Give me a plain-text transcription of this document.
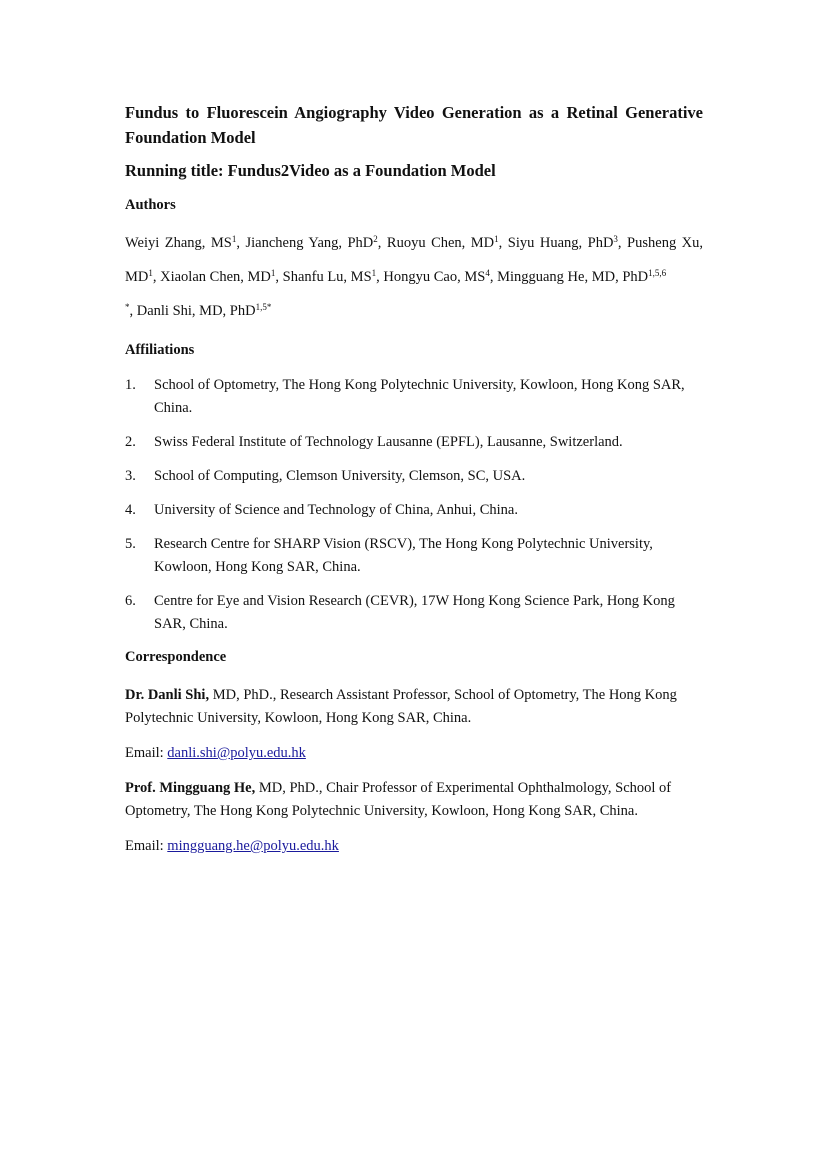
Fundus to Fluorescein Angiography Video Generation as a Retinal Generative Foundation Model

Running title: Fundus2Video as a Foundation Model

Authors

Weiyi Zhang, $MS^1$, Jiancheng Yang, PhD$^2$, Ruoyu Chen, $MD^1$, Siyu Huang, PhD$^3$, Pusheng Xu, $MD^1$, Xiaolan Chen, $MD^1$, Shanfu Lu, $MS^1$, Hongyu Cao, $MS^4$, Mingguang He, MD, PhD$^{1,5,6}$
*, Danli Shi, MD, PhD$^{1,5*}$

Affiliations

1. School of Optometry, The Hong Kong Polytechnic University, Kowloon, Hong Kong SAR, China.
2. Swiss Federal Institute of Technology Lausanne (EPFL), Lausanne, Switzerland.
3. School of Computing, Clemson University, Clemson, SC, USA.
4. University of Science and Technology of China, Anhui, China.
5. Research Centre for SHARP Vision (RSCV), The Hong Kong Polytechnic University, Kowloon, Hong Kong SAR, China.
6. Centre for Eye and Vision Research (CEVR), 17W Hong Kong Science Park, Hong Kong SAR, China.

Correspondence

Dr. Danli Shi, MD, PhD., Research Assistant Professor, School of Optometry, The Hong Kong Polytechnic University, Kowloon, Hong Kong SAR, China.

Email: danli.shi@polyu.edu.hk

Prof. Mingguang He, MD, PhD., Chair Professor of Experimental Ophthalmology, School of Optometry, The Hong Kong Polytechnic University, Kowloon, Hong Kong SAR, China.

Email: mingguang.he@polyu.edu.hk
